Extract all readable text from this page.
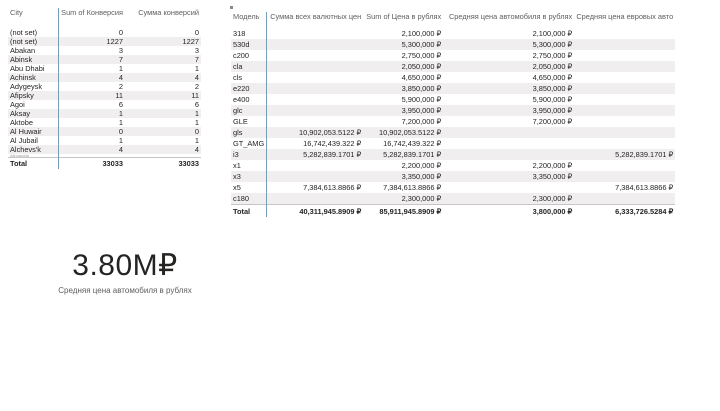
City	Sum of Конверсия	Сумма конверсий
(not set)	0	0
(not set)	1227	1227
Abakan	3	3
Abinsk	7	7
Abu Dhabi	1	1
Achinsk	4	4
Adygeysk	2	2
Afipsky	11	11
Agoi	6	6
Aksay	1	1
Aktobe	1	1
Al Huwair	0	0
Al Jubail	1	1
Alchevs'k	4	4
Alexandria		
Total	33033	33033
Модель	Сумма всех валютных цен	Sum of Цена в рублях	Средняя цена автомобиля в рублях	Средняя цена евровых авто
318		2,100,000 ₽	2,100,000 ₽	
530d		5,300,000 ₽	5,300,000 ₽	
c200		2,750,000 ₽	2,750,000 ₽	
cla		2,050,000 ₽	2,050,000 ₽	
cls		4,650,000 ₽	4,650,000 ₽	
e220		3,850,000 ₽	3,850,000 ₽	
e400		5,900,000 ₽	5,900,000 ₽	
glc		3,950,000 ₽	3,950,000 ₽	
GLE		7,200,000 ₽	7,200,000 ₽	
gls	10,902,053.5122 ₽	10,902,053.5122 ₽		
GT_AMG	16,742,439.322 ₽	16,742,439.322 ₽		
i3	5,282,839.1701 ₽	5,282,839.1701 ₽		5,282,839.1701 ₽
x1		2,200,000 ₽	2,200,000 ₽	
x3		3,350,000 ₽	3,350,000 ₽	
x5	7,384,613.8866 ₽	7,384,613.8866 ₽		7,384,613.8866 ₽
c180		2,300,000 ₽	2,300,000 ₽	
Total	40,311,945.8909 ₽	85,911,945.8909 ₽	3,800,000 ₽	6,333,726.5284 ₽
3.80M₽
Средняя цена автомобиля в рублях
